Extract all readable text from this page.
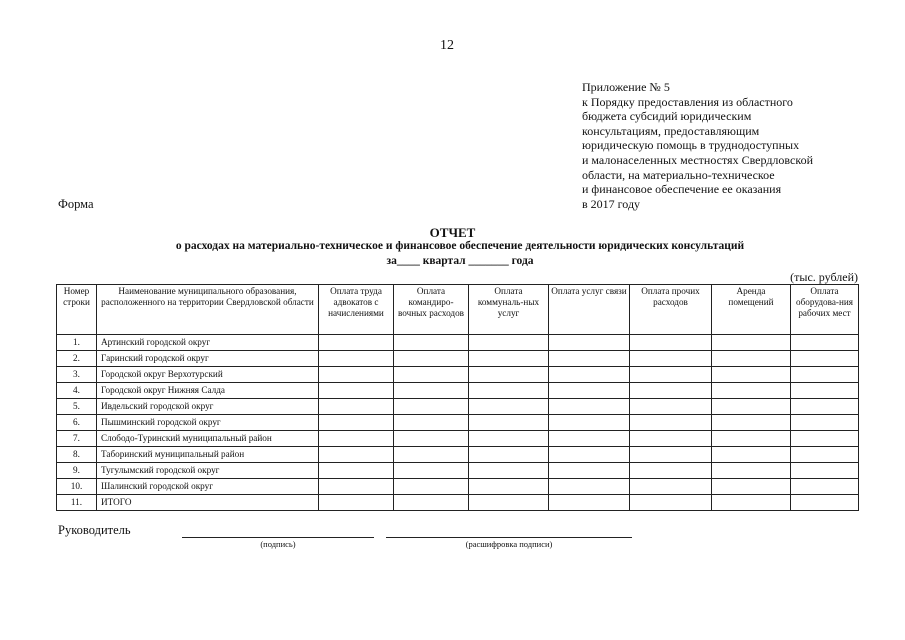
12
Приложение № 5
к Порядку предоставления из областного
бюджета субсидий юридическим
консультациям, предоставляющим
юридическую помощь в труднодоступных
и малонаселенных местностях Свердловской
области, на материально-техническое
и финансовое обеспечение ее оказания
в 2017 году
Форма
ОТЧЕТ
о расходах на материально-техническое и финансовое обеспечение деятельности юридических консультаций
за____ квартал _______ года
(тыс. рублей)
Номер строки	Наименование муниципального образования, расположенного на территории Свердловской области	Оплата труда адвокатов с начислениями	Оплата командиро-вочных расходов	Оплата коммуналь-ных услуг	Оплата услуг связи	Оплата прочих расходов	Аренда помещений	Оплата оборудова-ния рабочих мест
1.	Артинский городской округ							
2.	Гаринский городской округ							
3.	Городской округ Верхотурский							
4.	Городской округ Нижняя Салда							
5.	Ивдельский городской округ							
6.	Пышминский городской округ							
7.	Слободо-Туринский муниципальный район							
8.	Таборинский муниципальный район							
9.	Тугулымский городской округ							
10.	Шалинский городской округ							
11.	ИТОГО							
Руководитель
(подпись)	(расшифровка подписи)
